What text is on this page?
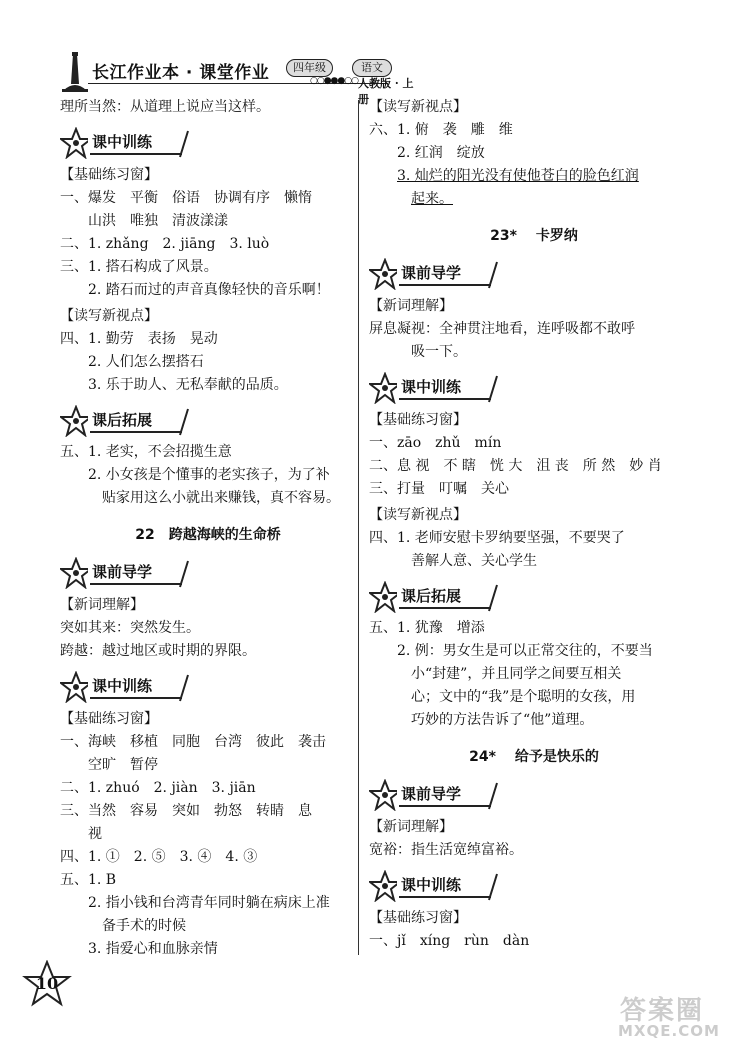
长江作业本 · 课堂作业	四年级	语文
○○●●●○○ 人教版 · 上册
理所当然：从道理上说应当这样。
课中训练
【基础练习窗】
一、爆发　平衡　俗语　协调有序　懒惰
山洪　唯独　清波漾漾
二、1. zhǎng　2. jiāng　3. luò
三、1. 搭石构成了风景。
2. 踏石而过的声音真像轻快的音乐啊！
【读写新视点】
四、1. 勤劳　表扬　晃动
2. 人们怎么摆搭石
3. 乐于助人、无私奉献的品质。
课后拓展
五、1. 老实，不会招揽生意
2. 小女孩是个懂事的老实孩子，为了补
贴家用这么小就出来赚钱，真不容易。
22　跨越海峡的生命桥
课前导学
【新词理解】
突如其来：突然发生。
跨越：越过地区或时期的界限。
课中训练
【基础练习窗】
一、海峡　移植　同胞　台湾　彼此　袭击
空旷　暂停
二、1. zhuó　2. jiàn　3. jiān
三、当然　容易　突如　勃怒　转睛　息
视
四、1. ①　2. ⑤　3. ④　4. ③
五、1. B
2. 指小钱和台湾青年同时躺在病床上准
备手术的时候
3. 指爱心和血脉亲情
【读写新视点】
六、1. 俯　袭　雕　维
2. 红润　绽放
3. 灿烂的阳光没有使他苍白的脸色红润
起来。
23* 　卡罗纳
课前导学
【新词理解】
屏息凝视：全神贯注地看，连呼吸都不敢呼
吸一下。
课中训练
【基础练习窗】
一、zāo　zhǔ　mín
二、息 视　不 瞎　恍 大　沮 丧　所 然　妙 肖
三、打量　叮嘱　关心
【读写新视点】
四、1. 老师安慰卡罗纳要坚强，不要哭了
善解人意、关心学生
课后拓展
五、1. 犹豫　增添
2. 例：男女生是可以正常交往的，不要当
小“封建”，并且同学之间要互相关
心；文中的“我”是个聪明的女孩，用
巧妙的方法告诉了“他”道理。
24* 　给予是快乐的
课前导学
【新词理解】
宽裕：指生活宽绰富裕。
课中训练
【基础练习窗】
一、jǐ　xíng　rùn　dàn
10
答案圈
MXQE.COM
